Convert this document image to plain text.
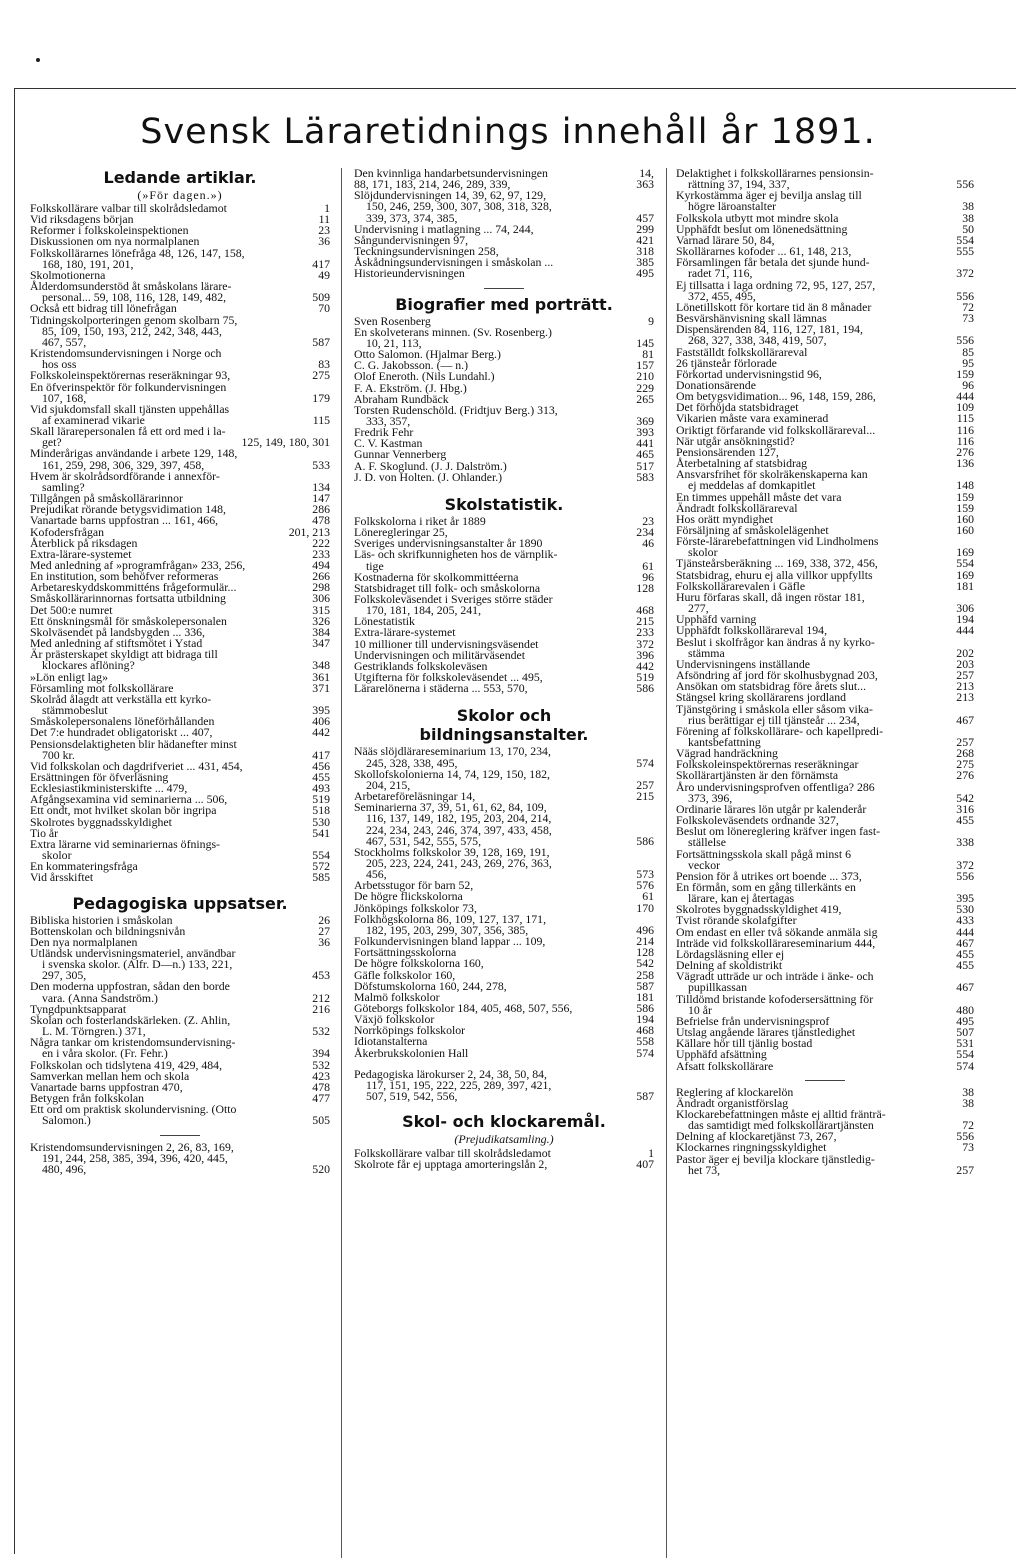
Svensk Läraretidnings innehåll år 1891.
Ledande artiklar.
(»För dagen.»)
Folkskollärare valbar till skolrådsledamot	1
Vid riksdagens början	11
Reformer i folkskoleinspektionen	23
Diskussionen om nya normalplanen	36
Folkskollärarnes lönefråga 48, 126, 147, 158,
168, 180, 191, 201,	417
Skolmotionerna	49
Ålderdomsunderstöd åt småskolans lärare-
personal... 59, 108, 116, 128, 149, 482,	509
Också ett bidrag till lönefrågan	70
Tidningskolporteringen genom skolbarn 75,
85, 109, 150, 193, 212, 242, 348, 443,
467, 557,	587
Kristendomsundervisningen i Norge och
hos oss	83
Folkskoleinspektörernas reseräkningar 93,	275
En öfverinspektör för folkundervisningen
107, 168,	179
Vid sjukdomsfall skall tjänsten uppehållas
af examinerad vikarie	115
Skall lärarepersonalen få ett ord med i la-
get?	125, 149, 180, 301
Minderårigas användande i arbete 129, 148,
161, 259, 298, 306, 329, 397, 458,	533
Hvem är skolrådsordförande i annexför-
samling?	134
Tillgången på småskollärarinnor	147
Prejudikat rörande betygsvidimation 148,	286
Vanartade barns uppfostran ... 161, 466,	478
Kofodersfrågan	201, 213
Återblick på riksdagen	222
Extra-lärare-systemet	233
Med anledning af »programfrågan» 233, 256,	494
En institution, som behöfver reformeras	266
Arbetareskyddskommitténs frågeformulär...	298
Småskollärarinnornas fortsatta utbildning	306
Det 500:e numret	315
Ett önskningsmål för småskolepersonalen	326
Skolväsendet på landsbygden ... 336,	384
Med anledning af stiftsmötet i Ystad	347
Är prästerskapet skyldigt att bidraga till
klockares aflöning?	348
»Lön enligt lag»	361
Församling mot folkskollärare	371
Skolråd ålagdt att verkställa ett kyrko-
stämmobeslut	395
Småskolepersonalens löneförhållanden	406
Det 7:e hundradet obligatoriskt ... 407,	442
Pensionsdelaktigheten blir hädanefter minst
700 kr.	417
Vid folkskolan och dagdrifveriet ... 431, 454,	456
Ersättningen för öfverläsning	455
Ecklesiastikministerskifte ... 479,	493
Afgångsexamina vid seminarierna ... 506,	519
Ett ondt, mot hvilket skolan bör ingripa	518
Skolrotes byggnadsskyldighet	530
Tio år	541
Extra lärarne vid seminariernas öfnings-
skolor	554
En kommateringsfråga	572
Vid årsskiftet	585
Pedagogiska uppsatser.
Bibliska historien i småskolan	26
Bottenskolan och bildningsnivån	27
Den nya normalplanen	36
Utländsk undervisningsmateriel, användbar
i svenska skolor. (Alfr. D—n.) 133, 221,
297, 305,	453
Den moderna uppfostran, sådan den borde
vara. (Anna Sandström.)	212
Tyngdpunktsapparat	216
Skolan och fosterlandskärleken. (Z. Ahlin,
L. M. Törngren.) 371,	532
Några tankar om kristendomsundervisning-
en i våra skolor. (Fr. Fehr.)	394
Folkskolan och tidslytena 419, 429, 484,	532
Samverkan mellan hem och skola	423
Vanartade barns uppfostran 470,	478
Betygen från folkskolan	477
Ett ord om praktisk skolundervisning. (Otto
Salomon.)	505
Kristendomsundervisningen 2, 26, 83, 169,
191, 244, 258, 385, 394, 396, 420, 445,
480, 496,	520
Den kvinnliga handarbetsundervisningen	14,
88, 171, 183, 214, 246, 289, 339,	363
Slöjdundervisningen 14, 39, 62, 97, 129,
150, 246, 259, 300, 307, 308, 318, 328,
339, 373, 374, 385,	457
Undervisning i matlagning ... 74, 244,	299
Sångundervisningen 97,	421
Teckningsundervisningen 258,	318
Åskådningsundervisningen i småskolan ...	385
Historieundervisningen	495
Biografier med porträtt.
Sven Rosenberg	9
En skolveterans minnen. (Sv. Rosenberg.)
10, 21, 113,	145
Otto Salomon. (Hjalmar Berg.)	81
C. G. Jakobsson. (— n.)	157
Olof Eneroth. (Nils Lundahl.)	210
F. A. Ekström. (J. Hbg.)	229
Abraham Rundbäck	265
Torsten Rudenschöld. (Fridtjuv Berg.) 313,
333, 357,	369
Fredrik Fehr	393
C. V. Kastman	441
Gunnar Vennerberg	465
A. F. Skoglund. (J. J. Dalström.)	517
J. D. von Holten. (J. Ohlander.)	583
Skolstatistik.
Folkskolorna i riket år 1889	23
Löneregleringar 25,	234
Sveriges undervisningsanstalter år 1890	46
Läs- och skrifkunnigheten hos de värnplik-
tige	61
Kostnaderna för skolkommittéerna	96
Statsbidraget till folk- och småskolorna	128
Folkskoleväsendet i Sveriges större städer
170, 181, 184, 205, 241,	468
Lönestatistik	215
Extra-lärare-systemet	233
10 millioner till undervisningsväsendet	372
Undervisningen och militärväsendet	396
Gestriklands folkskoleväsen	442
Utgifterna för folkskoleväsendet ... 495,	519
Lärarelönerna i städerna ... 553, 570,	586
Skolor och bildningsanstalter.
Nääs slöjdlärareseminarium 13, 170, 234,
245, 328, 338, 495,	574
Skollofskolonierna 14, 74, 129, 150, 182,
204, 215,	257
Arbetareföreläsningar 14,	215
Seminarierna 37, 39, 51, 61, 62, 84, 109,
116, 137, 149, 182, 195, 203, 204, 214,
224, 234, 243, 246, 374, 397, 433, 458,
467, 531, 542, 555, 575,	586
Stockholms folkskolor 39, 128, 169, 191,
205, 223, 224, 241, 243, 269, 276, 363,
456,	573
Arbetsstugor för barn 52,	576
De högre flickskolorna	61
Jönköpings folkskolor 73,	170
Folkhögskolorna 86, 109, 127, 137, 171,
182, 195, 203, 299, 307, 356, 385,	496
Folkundervisningen bland lappar ... 109,	214
Fortsättningsskolorna	128
De högre folkskolorna 160,	542
Gäfle folkskolor 160,	258
Döfstumskolorna 160, 244, 278,	587
Malmö folkskolor	181
Göteborgs folkskolor 184, 405, 468, 507, 556,	586
Växjö folkskolor	194
Norrköpings folkskolor	468
Idiotanstalterna	558
Åkerbrukskolonien Hall	574
Pedagogiska lärokurser 2, 24, 38, 50, 84,
117, 151, 195, 222, 225, 289, 397, 421,
507, 519, 542, 556,	587
Skol- och klockaremål.
(Prejudikatsamling.)
Folkskollärare valbar till skolrådsledamot	1
Skolrote får ej upptaga amorteringslån 2,	407
Delaktighet i folkskollärarnes pensionsin-
rättning 37, 194, 337,	556
Kyrkostämma äger ej bevilja anslag till
högre läroanstalter	38
Folkskola utbytt mot mindre skola	38
Upphäfdt beslut om lönenedsättning	50
Varnad lärare 50, 84,	554
Skollärarnes kofoder ... 61, 148, 213,	555
Församlingen får betala det sjunde hund-
radet 71, 116,	372
Ej tillsatta i laga ordning 72, 95, 127, 257,
372, 455, 495,	556
Lönetillskott för kortare tid än 8 månader	72
Besvärshänvisning skall lämnas	73
Dispensärenden 84, 116, 127, 181, 194,
268, 327, 338, 348, 419, 507,	556
Fastställdt folkskollärareval	85
26 tjänsteår förlorade	95
Förkortad undervisningstid 96,	159
Donationsärende	96
Om betygsvidimation... 96, 148, 159, 286,	444
Det förhöjda statsbidraget	109
Vikarien måste vara examinerad	115
Oriktigt förfarande vid folkskollärareval...	116
När utgår ansökningstid?	116
Pensionsärenden 127,	276
Återbetalning af statsbidrag	136
Ansvarsfrihet för skolräkenskaperna kan
ej meddelas af domkapitlet	148
En timmes uppehåll måste det vara	159
Ändradt folkskollärareval	159
Hos orätt myndighet	160
Försäljning af småskolelägenhet	160
Förste-lärarebefattningen vid Lindholmens
skolor	169
Tjänsteårsberäkning ... 169, 338, 372, 456,	554
Statsbidrag, ehuru ej alla villkor uppfyllts	169
Folkskollärarevalen i Gäfle	181
Huru förfaras skall, då ingen röstar 181,
277,	306
Upphäfd varning	194
Upphäfdt folkskollärareval 194,	444
Beslut i skolfrågor kan ändras å ny kyrko-
stämma	202
Undervisningens inställande	203
Afsöndring af jord för skolhusbygnad 203,	257
Ansökan om statsbidrag före årets slut...	213
Stängsel kring skollärarens jordland	213
Tjänstgöring i småskola eller såsom vika-
rius berättigar ej till tjänsteår ... 234,	467
Förening af folkskollärare- och kapellpredi-
kantsbefattning	257
Vägrad handräckning	268
Folkskoleinspektörernas reseräkningar	275
Skollärartjänsten är den förnämsta	276
Åro undervisningsprofven offentliga? 286
373, 396,	542
Ordinarie lärares lön utgår pr kalenderår	316
Folkskoleväsendets ordnande 327,	455
Beslut om lönereglering kräfver ingen fast-
ställelse	338
Fortsättningsskola skall pågå minst 6
veckor	372
Pension för å utrikes ort boende ... 373,	556
En förmån, som en gång tillerkänts en
lärare, kan ej återtagas	395
Skolrotes byggnadsskyldighet 419,	530
Tvist rörande skolafgifter	433
Om endast en eller två sökande anmäla sig	444
Inträde vid folkskollärareseminarium 444,	467
Lördagsläsning eller ej	455
Delning af skoldistrikt	455
Vägradt utträde ur och inträde i änke- och
pupillkassan	467
Tilldömd bristande kofodersersättning för
10 år	480
Befrielse från undervisningsprof	495
Utslag angående lärares tjänstledighet	507
Källare hör till tjänlig bostad	531
Upphäfd afsättning	554
Afsatt folkskollärare	574
Reglering af klockarelön	38
Ändradt organistförslag	38
Klockarebefattningen måste ej alltid fränträ-
das samtidigt med folkskollärartjänsten	72
Delning af klockaretjänst 73, 267,	556
Klockarnes ringningsskyldighet	73
Pastor äger ej bevilja klockare tjänstledig-
het 73,	257
